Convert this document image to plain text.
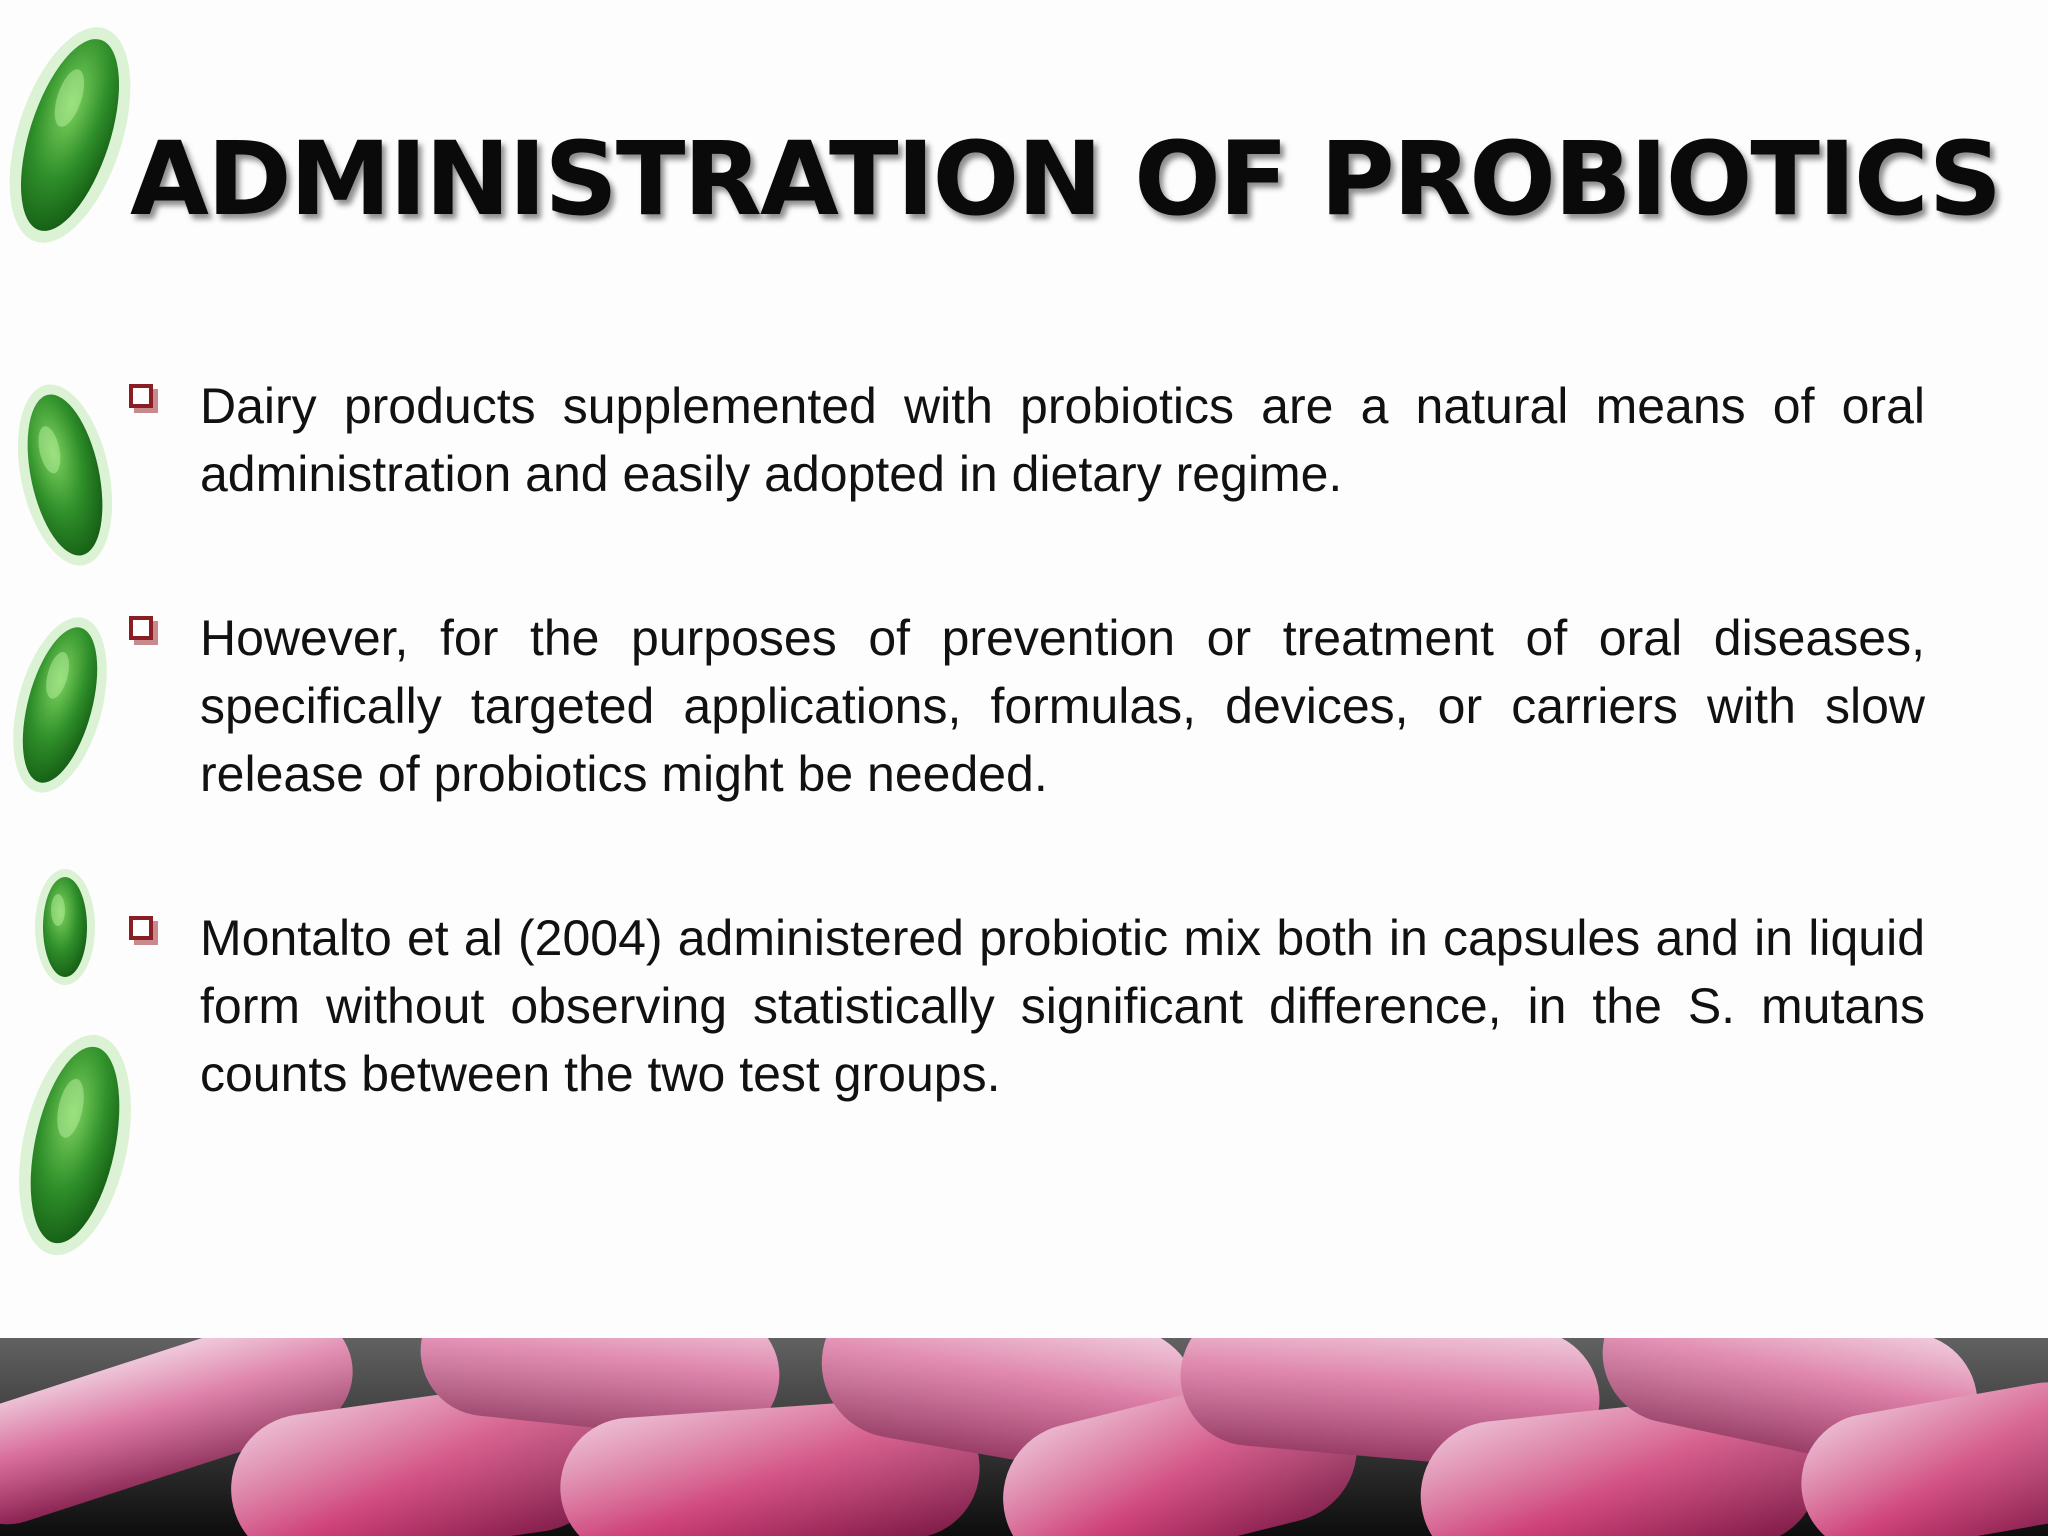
ADMINISTRATION OF PROBIOTICS
Dairy products supplemented with probiotics are a natural means of oral administration and easily adopted in dietary regime.
However, for the purposes of prevention or treatment of oral diseases, specifically targeted applications, formulas, devices, or carriers with slow release of probiotics might be needed.
Montalto et al (2004) administered probiotic mix both in capsules and in liquid form without observing statistically significant difference, in the S. mutans counts between the two test groups.
